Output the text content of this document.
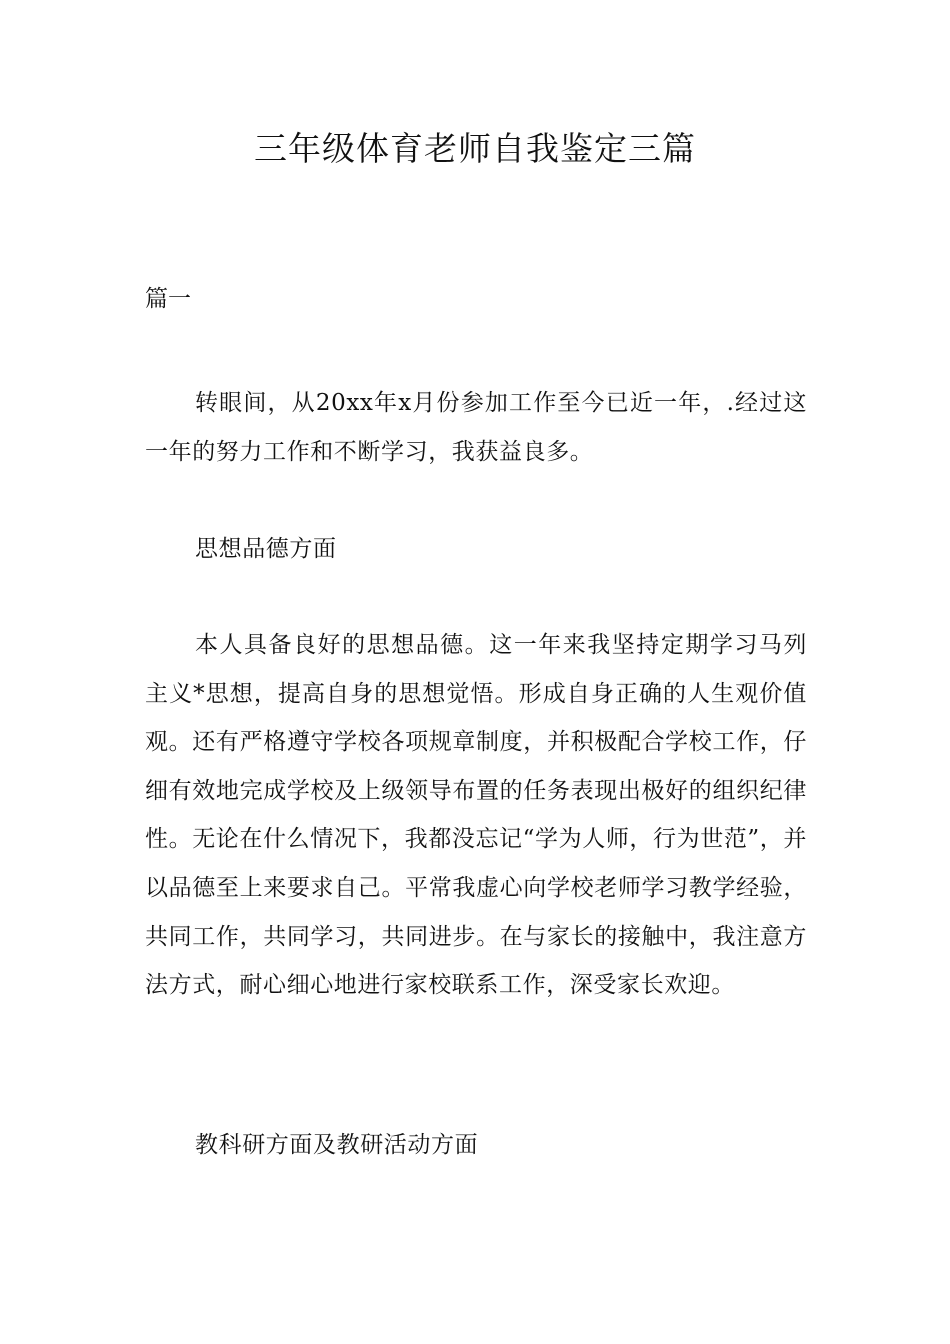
三年级体育老师自我鉴定三篇

篇一

转眼间，从20xx年x月份参加工作至今已近一年，.经过这一年的努力工作和不断学习，我获益良多。

思想品德方面

本人具备良好的思想品德。这一年来我坚持定期学习马列主义*思想，提高自身的思想觉悟。形成自身正确的人生观价值观。还有严格遵守学校各项规章制度，并积极配合学校工作，仔细有效地完成学校及上级领导布置的任务表现出极好的组织纪律性。无论在什么情况下，我都没忘记“学为人师，行为世范”，并以品德至上来要求自己。平常我虚心向学校老师学习教学经验，共同工作，共同学习，共同进步。在与家长的接触中，我注意方法方式，耐心细心地进行家校联系工作，深受家长欢迎。

教科研方面及教研活动方面
